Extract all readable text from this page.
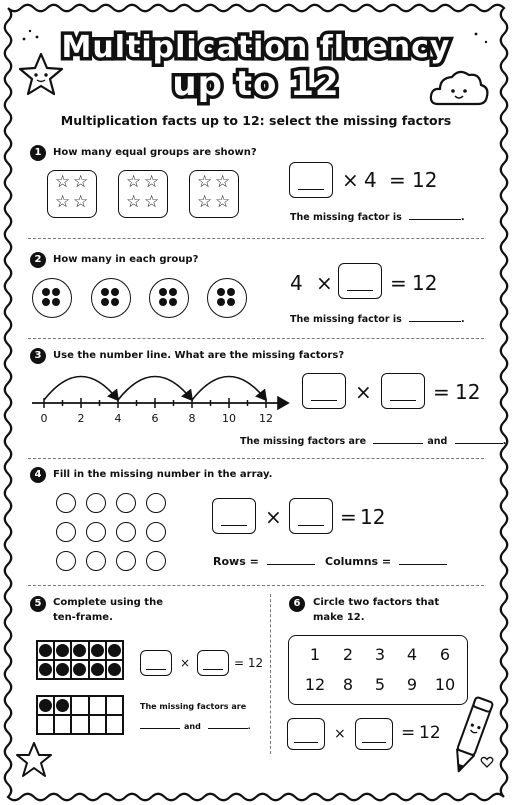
Multiplication fluency
up to 12
Multiplication facts up to 12: select the missing factors
1	How many equal groups are shown?
× 4 = 12
The missing factor is	.
2	How many in each group?
4 ×	= 12
The missing factor is	.
3	Use the number line. What are the missing factors?
0	2	4	6	8	10 12
×	= 12
The missing factors are	and	.
4	Fill in the missing number in the array.
×	= 12
Rows =	Columns =
5	Complete using the
ten-frame.
×	= 12
The missing factors are
and	.
6	Circle two factors that
make 12.
1	2	3	4	6
12	8	5	9	10
×	= 12
☆ ☆
☆ ☆
☆ ☆
☆ ☆
☆ ☆
☆ ☆
